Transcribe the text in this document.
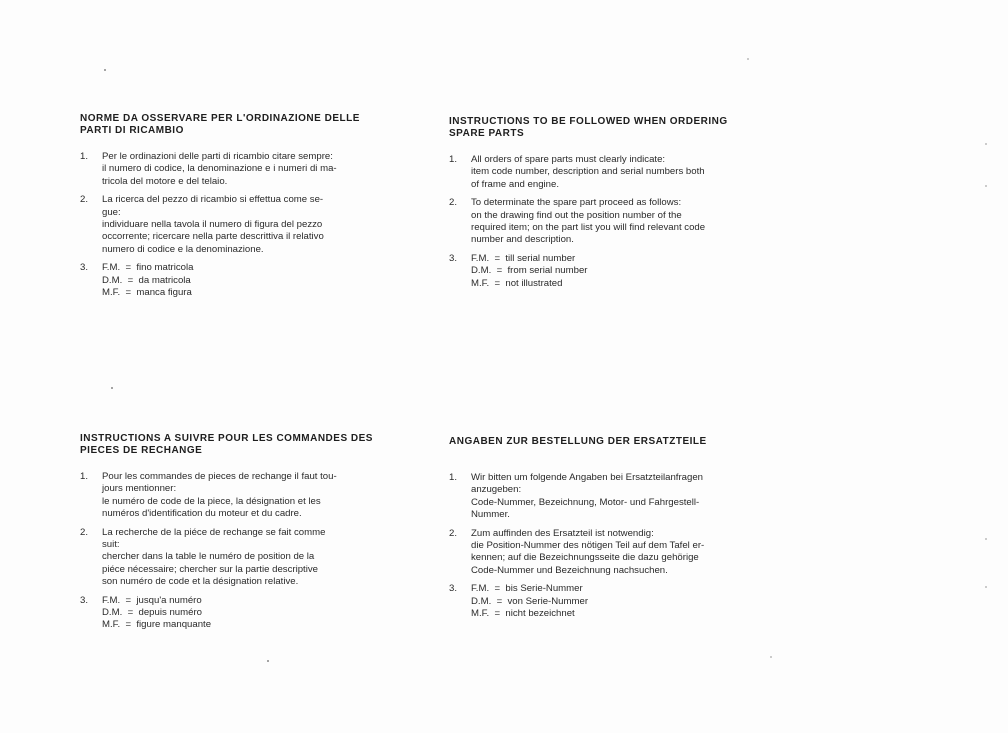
NORME DA OSSERVARE PER L'ORDINAZIONE DELLE
PARTI DI RICAMBIO
1. Per le ordinazioni delle parti di ricambio citare sempre:
il numero di codice, la denominazione e i numeri di ma-
tricola del motore e del telaio.
2. La ricerca del pezzo di ricambio si effettua come se-
gue:
individuare nella tavola il numero di figura del pezzo
occorrente; ricercare nella parte descrittiva il relativo
numero di codice e la denominazione.
3. F.M.  =  fino matricola
D.M.  =  da matricola
M.F.  =  manca figura
INSTRUCTIONS TO BE FOLLOWED WHEN ORDERING
SPARE PARTS
1. All orders of spare parts must clearly indicate:
item code number, description and serial numbers both
of frame and engine.
2. To determinate the spare part proceed as follows:
on the drawing find out the position number of the
required item; on the part list you will find relevant code
number and description.
3. F.M.  =  till serial number
D.M.  =  from serial number
M.F.  =  not illustrated
INSTRUCTIONS A SUIVRE POUR LES COMMANDES DES
PIECES DE RECHANGE
1. Pour les commandes de pieces de rechange il faut tou-
jours mentionner:
le numéro de code de la piece, la désignation et les
numéros d'identification du moteur et du cadre.
2. La recherche de la piéce de rechange se fait comme
suit:
chercher dans la table le numéro de position de la
piéce nécessaire; chercher sur la partie descriptive
son numéro de code et la désignation relative.
3. F.M.  =  jusqu'a numéro
D.M.  =  depuis numéro
M.F.  =  figure manquante
ANGABEN ZUR BESTELLUNG DER ERSATZTEILE
1. Wir bitten um folgende Angaben bei Ersatzteilanfragen
anzugeben:
Code-Nummer, Bezeichnung, Motor- und Fahrgestell-
Nummer.
2. Zum auffinden des Ersatzteil ist notwendig:
die Position-Nummer des nötigen Teil auf dem Tafel er-
kennen; auf die Bezeichnungsseite die dazu gehörige
Code-Nummer und Bezeichnung nachsuchen.
3. F.M.  =  bis Serie-Nummer
D.M.  =  von Serie-Nummer
M.F.  =  nicht bezeichnet
